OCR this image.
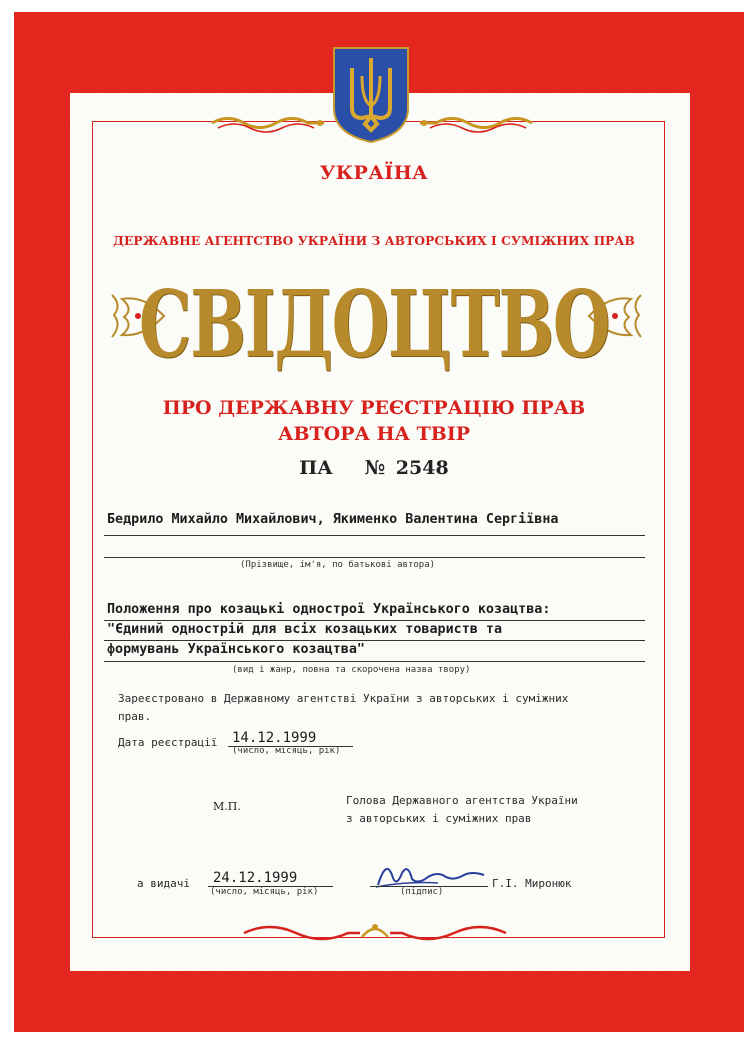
УКРАЇНА
ДЕРЖАВНЕ АГЕНТСТВО УКРАЇНИ З АВТОРСЬКИХ І СУМІЖНИХ ПРАВ
СВІДОЦТВО
ПРО ДЕРЖАВНУ РЕЄСТРАЦІЮ ПРАВ
АВТОРА НА ТВІР
ПА   № 2548
Бедрило Михайло Михайлович, Якименко Валентина Сергіївна
(Прізвище, ім'я, по батькові автора)
Положення про козацькі однострої Українського козацтва:
"Єдиний однострій для всіх козацьких товариств та
формувань Українського козацтва"
(вид і жанр, повна та скорочена назва твору)
Зареєстровано в Державному агентстві України з авторських і суміжних
прав.
Дата реєстрації 14.12.1999
(число, місяць, рік)
М.П.	Голова Державного агентства України
з авторських і суміжних прав
а видачі 24.12.1999
(число, місяць, рік)	(підпис)
Г.І. Миронюк
